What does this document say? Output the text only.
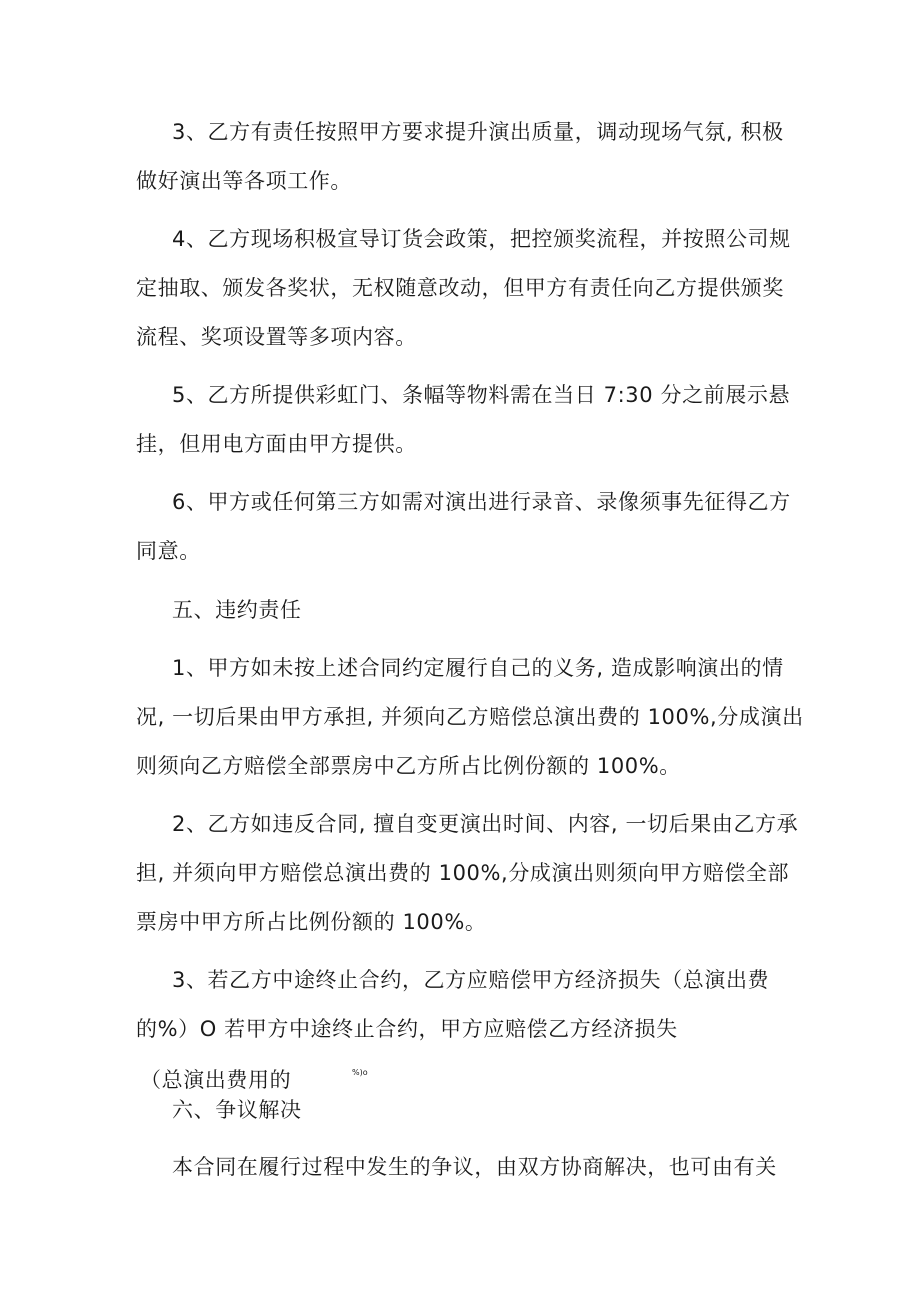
3、乙方有责任按照甲方要求提升演出质量，调动现场气氛, 积极
做好演出等各项工作。
4、乙方现场积极宣导订货会政策，把控颁奖流程，并按照公司规
定抽取、颁发各奖状，无权随意改动，但甲方有责任向乙方提供颁奖
流程、奖项设置等多项内容。
5、乙方所提供彩虹门、条幅等物料需在当日 7:30 分之前展示悬
挂，但用电方面由甲方提供。
6、甲方或任何第三方如需对演出进行录音、录像须事先征得乙方
同意。
五、违约责任
1、甲方如未按上述合同约定履行自己的义务, 造成影响演出的情
况, 一切后果由甲方承担, 并须向乙方赔偿总演出费的 100%,分成演出
则须向乙方赔偿全部票房中乙方所占比例份额的 100%。
2、乙方如违反合同, 擅自变更演出时间、内容, 一切后果由乙方承
担, 并须向甲方赔偿总演出费的 100%,分成演出则须向甲方赔偿全部
票房中甲方所占比例份额的 100%。
3、若乙方中途终止合约，乙方应赔偿甲方经济损失（总演出费
的%）O 若甲方中途终止合约，甲方应赔偿乙方经济损失
（总演出费用的	%)o
六、争议解决
本合同在履行过程中发生的争议，由双方协商解决，也可由有关
